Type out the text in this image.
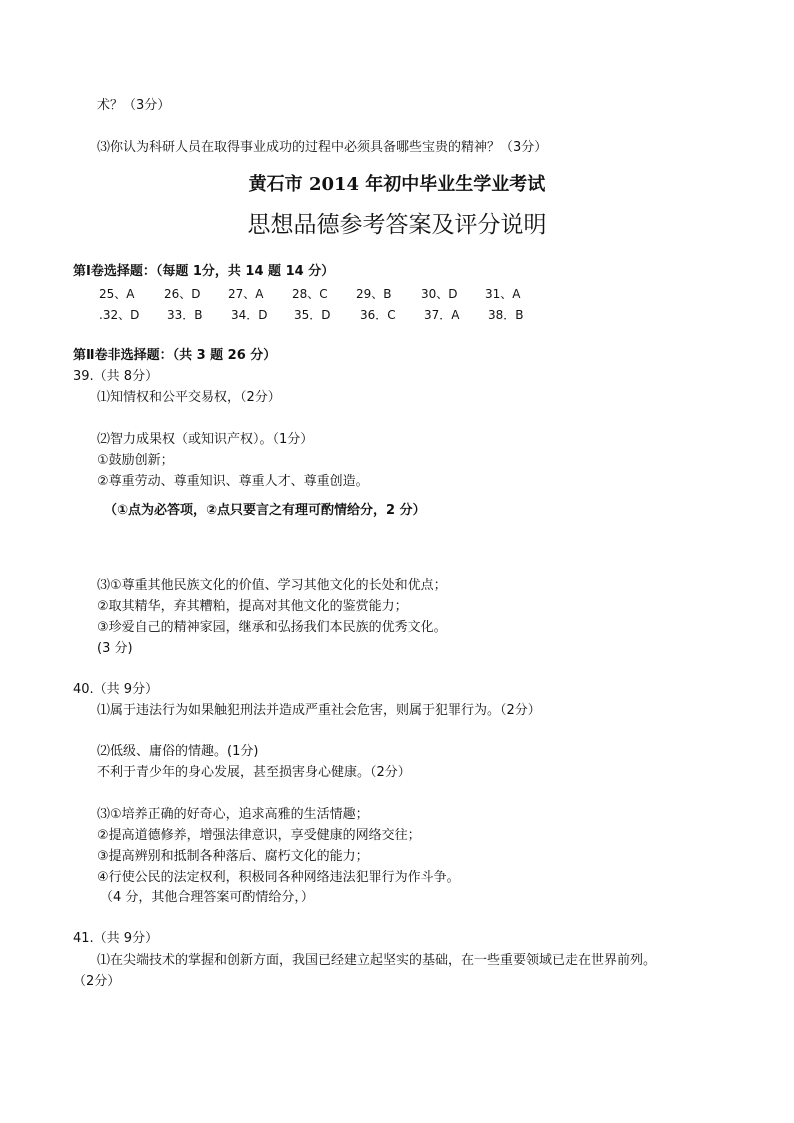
术？（3分）
⑶你认为科研人员在取得事业成功的过程中必须具备哪些宝贵的精神？（3分）
黄石市 2014 年初中毕业生学业考试
思想品德参考答案及评分说明
第Ⅰ卷选择题：（每题 1分，共 14 题 14 分）
25、A 26、D 27、A 28、C 29、B 30、D 31、A
.32、D 33．B 34．D 35．D 36．C 37．A 38．B
第Ⅱ卷非选择题：（共 3 题 26 分）
39.（共 8分）
⑴知情权和公平交易权，（2分）
⑵智力成果权（或知识产权）。（1分）
①鼓励创新；
②尊重劳动、尊重知识、尊重人才、尊重创造。
（①点为必答项，②点只要言之有理可酌情给分，2 分）
⑶①尊重其他民族文化的价值、学习其他文化的长处和优点；
②取其精华，弃其糟粕，提高对其他文化的鉴赏能力；
③珍爱自己的精神家园，继承和弘扬我们本民族的优秀文化。
(3 分)
40.（共 9分）
⑴属于违法行为如果触犯刑法并造成严重社会危害，则属于犯罪行为。（2分）
⑵低级、庸俗的情趣。(1分)
不利于青少年的身心发展，甚至损害身心健康。（2分）
⑶①培养正确的好奇心，追求高雅的生活情趣；
②提高道德修养，增强法律意识，享受健康的网络交往；
③提高辨别和抵制各种落后、腐朽文化的能力；
④行使公民的法定权利，积极同各种网络违法犯罪行为作斗争。
（4 分，其他合理答案可酌情给分，）
41.（共 9分）
⑴在尖端技术的掌握和创新方面，我国已经建立起坚实的基础，在一些重要领域已走在世界前列。
（2分）
